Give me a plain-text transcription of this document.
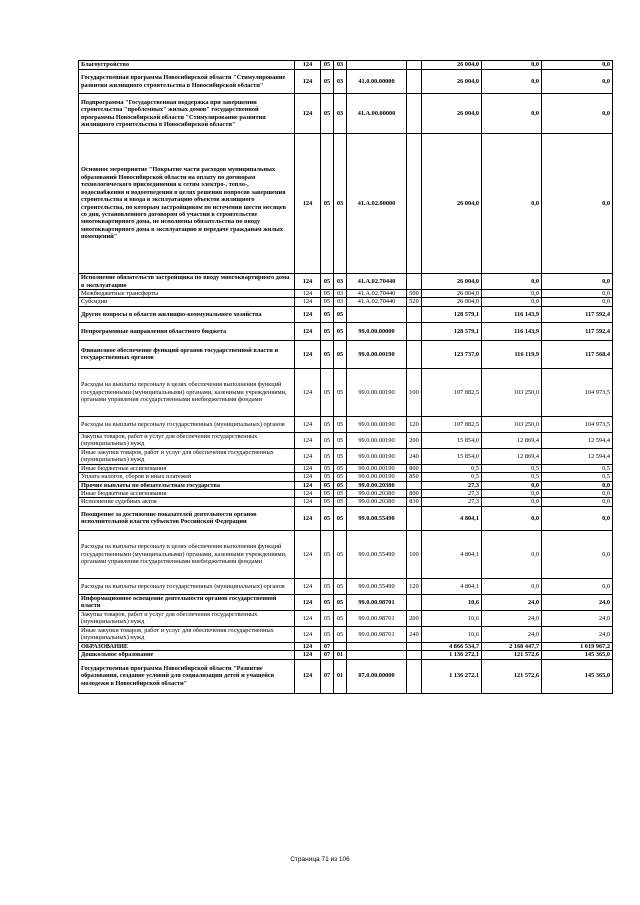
Благоустройство	124	05	03			26 004,0	0,0	0,0
Государственная программа Новосибирской области "Стимулирование развития жилищного строительства в Новосибирской области"	124	05	03	41.0.00.00000		26 004,0	0,0	0,0
Подпрограмма "Государственная поддержка при завершении строительства "проблемных" жилых домов" государственной программы Новосибирской области "Стимулирование развития жилищного строительства в Новосибирской области"	124	05	03	41.А.00.00000		26 004,0	0,0	0,0
Основное мероприятие "Покрытие части расходов муниципальных образований Новосибирской области на оплату по договорам технологического присоединения к сетям электро-, тепло-, водоснабжения и водоотведения в целях решения вопросов завершения строительства и ввода в эксплуатацию объектов жилищного строительства, по которым застройщиком по истечении шести месяцев со дня, установленного договором об участии в строительстве многоквартирного дома, не исполнены обязательства по вводу многоквартирного дома в эксплуатацию и передаче гражданам жилых помещений"	124	05	03	41.А.02.00000		26 004,0	0,0	0,0
Исполнение обязательств застройщика по вводу многоквартирного дома в эксплуатацию	124	05	03	41.А.02.70440		26 004,0	0,0	0,0
Межбюджетные трансферты	124	05	03	41.А.02.70440	500	26 004,0	0,0	0,0
Субсидии	124	05	03	41.А.02.70440	520	26 004,0	0,0	0,0
Другие вопросы в области жилищно-коммунального хозяйства	124	05	05			128 579,1	116 143,9	117 592,4
Непрограммные направления областного бюджета	124	05	05	99.0.00.00000		128 579,1	116 143,9	117 592,4
Финансовое обеспечение функций органов государственной власти и государственных органов	124	05	05	99.0.00.00190		123 737,0	116 119,9	117 568,4
Расходы на выплаты персоналу в целях обеспечения выполнения функций государственными (муниципальными) органами, казенными учреждениями, органами управления государственными внебюджетными фондами	124	05	05	99.0.00.00190	100	107 882,5	103 250,0	104 973,5
Расходы на выплаты персоналу государственных (муниципальных) органов	124	05	05	99.0.00.00190	120	107 882,5	103 250,0	104 973,5
Закупка товаров, работ и услуг для обеспечения государственных (муниципальных) нужд	124	05	05	99.0.00.00190	200	15 854,0	12 869,4	12 594,4
Иные закупки товаров, работ и услуг для обеспечения государственных (муниципальных) нужд	124	05	05	99.0.00.00190	240	15 854,0	12 869,4	12 594,4
Иные бюджетные ассигнования	124	05	05	99.0.00.00190	800	0,5	0,5	0,5
Уплата налогов, сборов и иных платежей	124	05	05	99.0.00.00190	850	0,5	0,5	0,5
Прочие выплаты по обязательствам государства	124	05	05	99.0.00.20380		27,3	0,0	0,0
Иные бюджетные ассигнования	124	05	05	99.0.00.20380	800	27,3	0,0	0,0
Исполнение судебных актов	124	05	05	99.0.00.20380	830	27,3	0,0	0,0
Поощрение за достижение показателей деятельности органов исполнительной власти субъектов Российской Федерации	124	05	05	99.0.00.55490		4 804,1	0,0	0,0
Расходы на выплаты персоналу в целях обеспечения выполнения функций государственными (муниципальными) органами, казенными учреждениями, органами управления государственными внебюджетными фондами	124	05	05	99.0.00.55490	100	4 804,1	0,0	0,0
Расходы на выплаты персоналу государственных (муниципальных) органов	124	05	05	99.0.00.55490	120	4 804,1	0,0	0,0
Информационное освещение деятельности органов государственной власти	124	05	05	99.0.00.98701		10,6	24,0	24,0
Закупка товаров, работ и услуг для обеспечения государственных (муниципальных) нужд	124	05	05	99.0.00.98701	200	10,6	24,0	24,0
Иные закупки товаров, работ и услуг для обеспечения государственных (муниципальных) нужд	124	05	05	99.0.00.98701	240	10,6	24,0	24,0
ОБРАЗОВАНИЕ	124	07				4 866 534,7	2 168 447,7	1 019 967,2
Дошкольное образование	124	07	01			1 136 272,1	121 572,6	145 365,0
Государственная программа Новосибирской области "Развитие образования, создание условий для социализации детей и учащейся молодежи в Новосибирской области"	124	07	01	07.0.00.00000		1 136 272,1	121 572,6	145 365,0
Страница 71 из 106
